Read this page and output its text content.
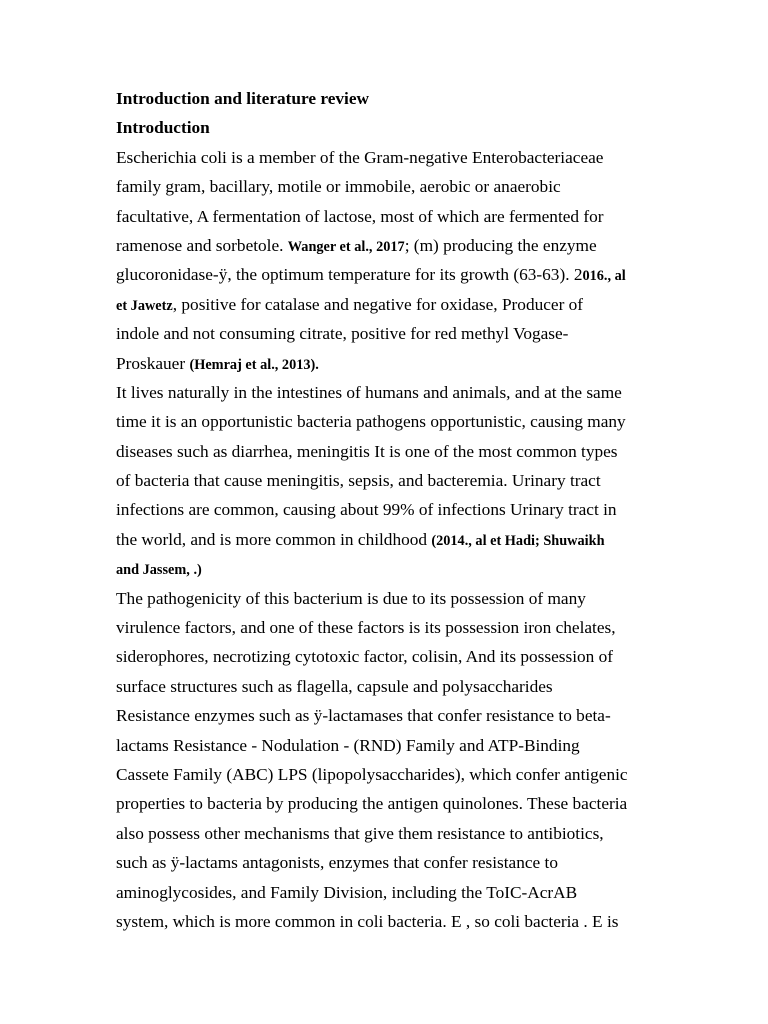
Introduction and literature review
Introduction
Escherichia coli is a member of the Gram-negative Enterobacteriaceae
family gram, bacillary, motile or immobile, aerobic or anaerobic
facultative, A fermentation of lactose, most of which are fermented for
ramenose and sorbetole. Wanger et al., 2017; (m) producing the enzyme
glucoronidase-ÿ, the optimum temperature for its growth (63-63). 2016., al
et Jawetz, positive for catalase and negative for oxidase, Producer of
indole and not consuming citrate, positive for red methyl Vogase-
Proskauer (Hemraj et al., 2013).
It lives naturally in the intestines of humans and animals, and at the same
time it is an opportunistic bacteria pathogens opportunistic, causing many
diseases such as diarrhea, meningitis It is one of the most common types
of bacteria that cause meningitis, sepsis, and bacteremia. Urinary tract
infections are common, causing about 99% of infections Urinary tract in
the world, and is more common in childhood (2014., al et Hadi; Shuwaikh
and Jassem, .)
The pathogenicity of this bacterium is due to its possession of many
virulence factors, and one of these factors is its possession iron chelates,
siderophores, necrotizing cytotoxic factor, colisin, And its possession of
surface structures such as flagella, capsule and polysaccharides
Resistance enzymes such as ÿ-lactamases that confer resistance to beta-
lactams Resistance - Nodulation - (RND) Family and ATP-Binding
Cassete Family (ABC) LPS (lipopolysaccharides), which confer antigenic
properties to bacteria by producing the antigen quinolones. These bacteria
also possess other mechanisms that give them resistance to antibiotics,
such as ÿ-lactams antagonists, enzymes that confer resistance to
aminoglycosides, and Family Division, including the ToIC-AcrAB
system, which is more common in coli bacteria. E , so coli bacteria . E is
